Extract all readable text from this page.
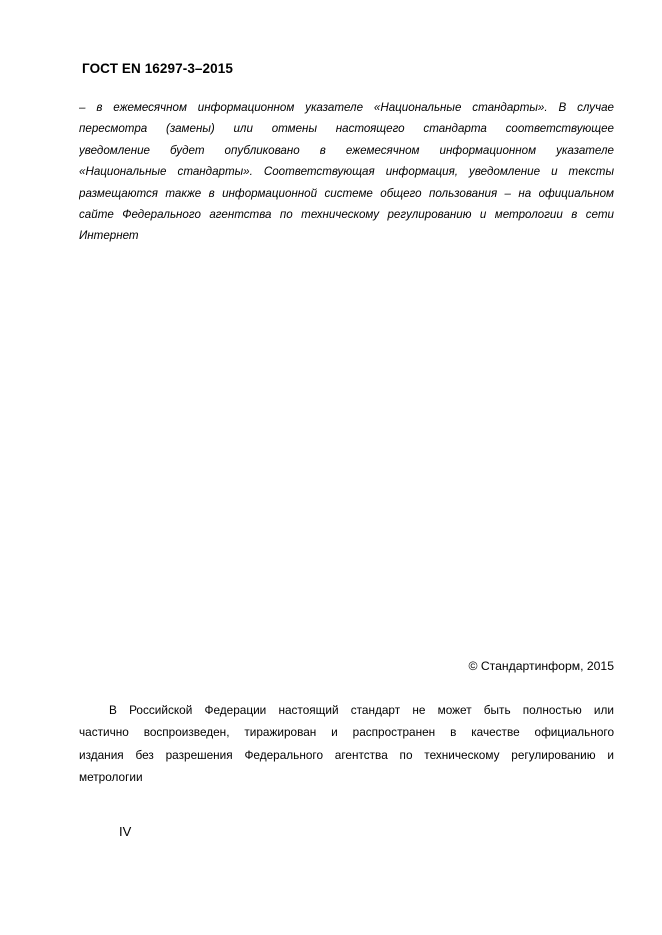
ГОСТ EN 16297-3–2015
– в ежемесячном информационном указателе «Национальные стандарты». В случае
пересмотра (замены) или отмены настоящего стандарта соответствующее
уведомление будет опубликовано в ежемесячном информационном указателе
«Национальные стандарты». Соответствующая информация, уведомление и тексты
размещаются также в информационной системе общего пользования – на официальном
сайте Федерального агентства по техническому регулированию и метрологии в сети
Интернет
© Стандартинформ, 2015
В Российской Федерации настоящий стандарт не может быть полностью или
частично воспроизведен, тиражирован и распространен в качестве официального
издания без разрешения Федерального агентства по техническому регулированию и
метрологии
IV
